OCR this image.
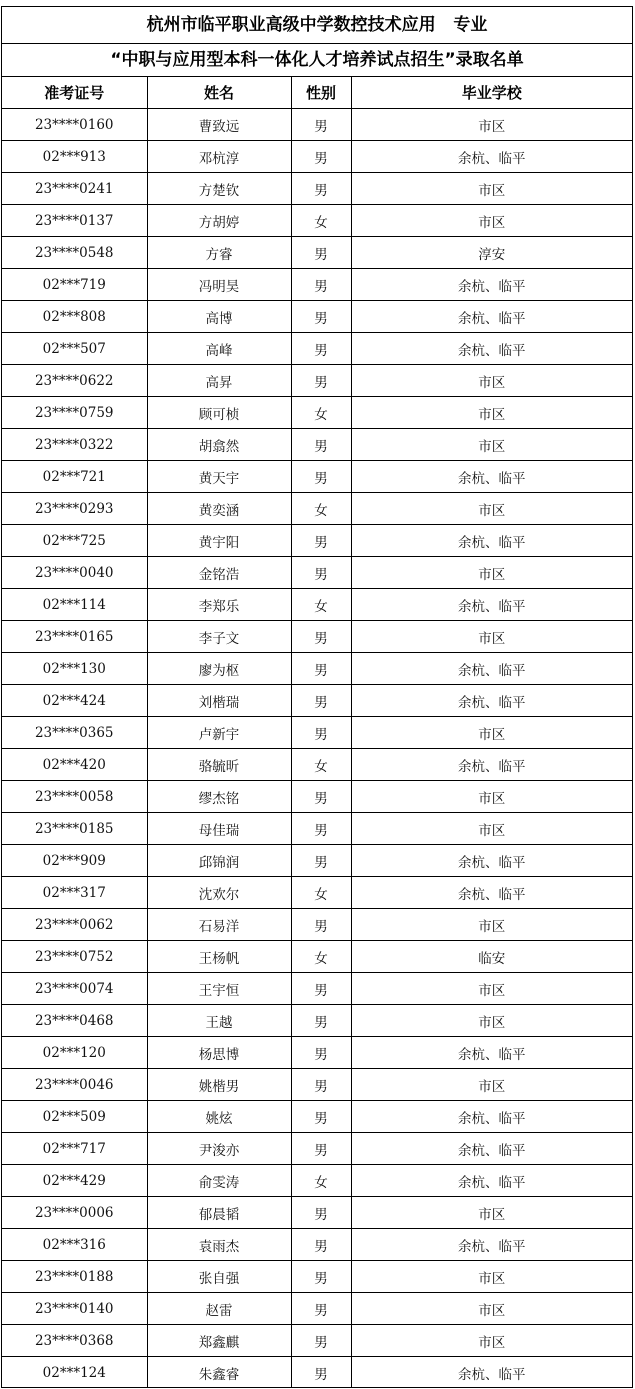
杭州市临平职业高级中学数控技术应用   专业
“中职与应用型本科一体化人才培养试点招生”录取名单
准考证号	姓名	性别	毕业学校
23****0160	曹致远	男	市区
02***913	邓杭淳	男	余杭、临平
23****0241	方楚钦	男	市区
23****0137	方胡婷	女	市区
23****0548	方睿	男	淳安
02***719	冯明昊	男	余杭、临平
02***808	高博	男	余杭、临平
02***507	高峰	男	余杭、临平
23****0622	高昇	男	市区
23****0759	顾可桢	女	市区
23****0322	胡翕然	男	市区
02***721	黄天宇	男	余杭、临平
23****0293	黄奕涵	女	市区
02***725	黄宇阳	男	余杭、临平
23****0040	金铭浩	男	市区
02***114	李郑乐	女	余杭、临平
23****0165	李子文	男	市区
02***130	廖为枢	男	余杭、临平
02***424	刘楷瑞	男	余杭、临平
23****0365	卢新宇	男	市区
02***420	骆毓昕	女	余杭、临平
23****0058	缪杰铭	男	市区
23****0185	母佳瑞	男	市区
02***909	邱锦润	男	余杭、临平
02***317	沈欢尔	女	余杭、临平
23****0062	石易洋	男	市区
23****0752	王杨帆	女	临安
23****0074	王宇恒	男	市区
23****0468	王越	男	市区
02***120	杨思博	男	余杭、临平
23****0046	姚楷男	男	市区
02***509	姚炫	男	余杭、临平
02***717	尹浚亦	男	余杭、临平
02***429	俞雯涛	女	余杭、临平
23****0006	郁晨韬	男	市区
02***316	袁雨杰	男	余杭、临平
23****0188	张自强	男	市区
23****0140	赵雷	男	市区
23****0368	郑鑫麒	男	市区
02***124	朱鑫睿	男	余杭、临平
